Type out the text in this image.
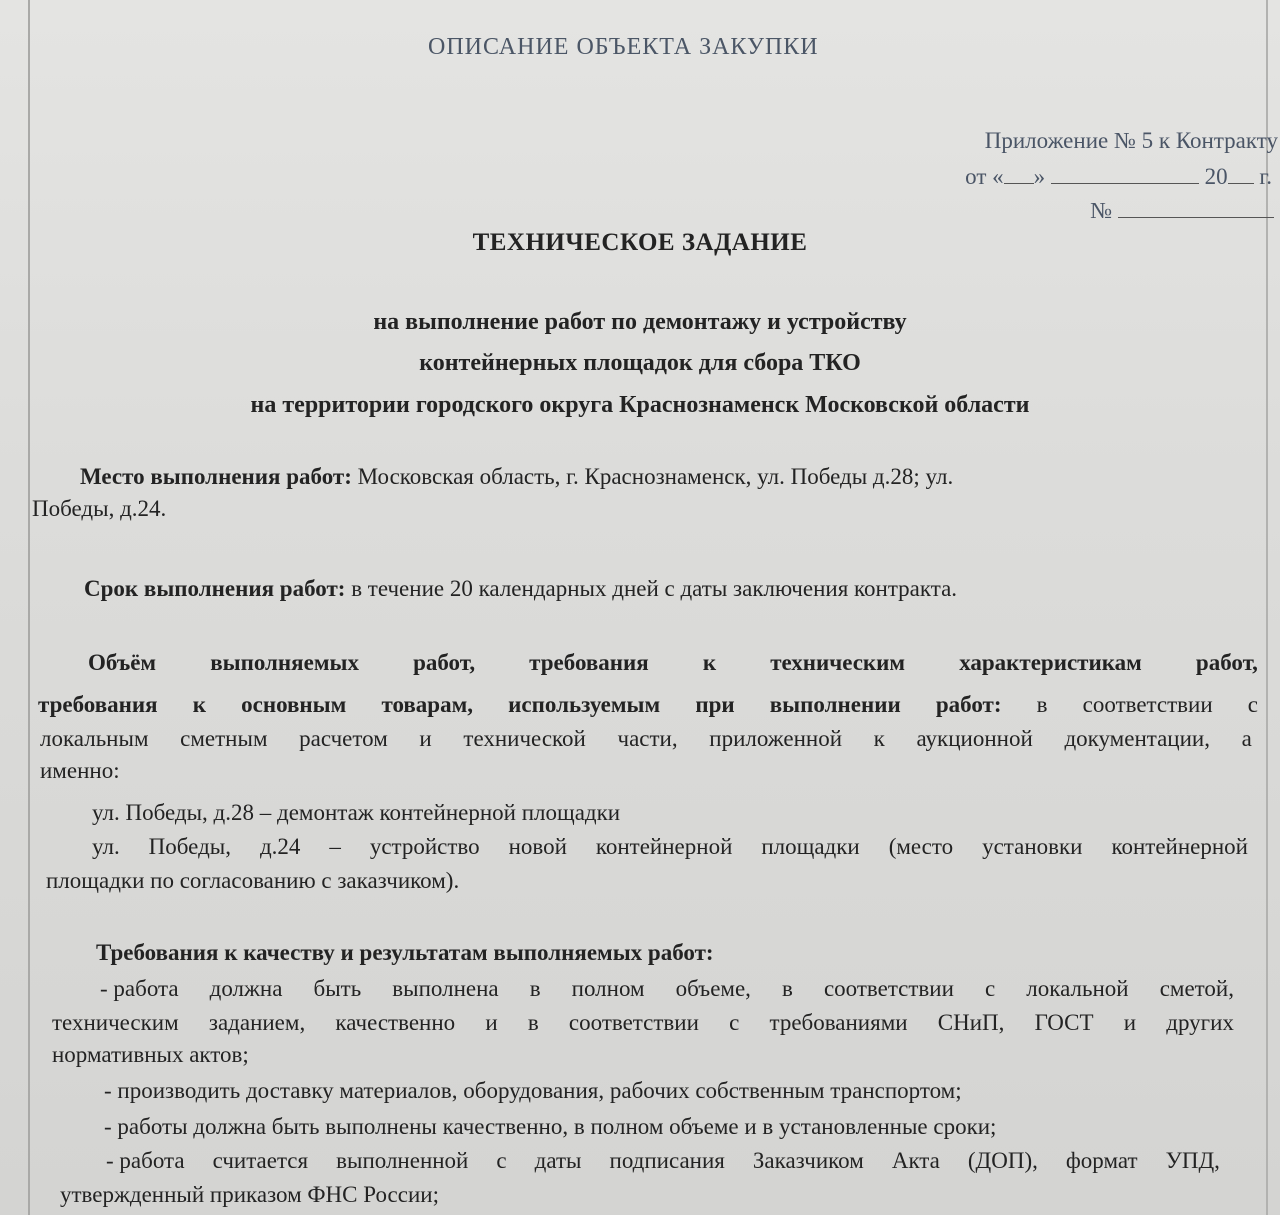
ОПИСАНИЕ ОБЪЕКТА ЗАКУПКИ
Приложение № 5 к Контракту
от « »	20 г.
№
ТЕХНИЧЕСКОЕ ЗАДАНИЕ
на выполнение работ по демонтажу и устройству
контейнерных площадок для сбора ТКО
на территории городского округа Краснознаменск Московской области
Место выполнения работ: Московская область, г. Краснознаменск, ул. Победы д.28; ул.
Победы, д.24.
Срок выполнения работ: в течение 20 календарных дней с даты заключения контракта.
Объём выполняемых работ, требования к техническим характеристикам работ,
требования к основным товарам, используемым при выполнении работ: в соответствии с
локальным сметным расчетом и технической части, приложенной к аукционной документации, а
именно:
ул. Победы, д.28 – демонтаж контейнерной площадки
ул. Победы, д.24 – устройство новой контейнерной площадки (место установки контейнерной
площадки по согласованию с заказчиком).
Требования к качеству и результатам выполняемых работ:
- работа должна быть выполнена в полном объеме, в соответствии с локальной сметой,
техническим заданием, качественно и в соответствии с требованиями СНиП, ГОСТ и других
нормативных актов;
- производить доставку материалов, оборудования, рабочих собственным транспортом;
- работы должна быть выполнены качественно, в полном объеме и в установленные сроки;
- работа считается выполненной с даты подписания Заказчиком Акта (ДОП), формат УПД,
утвержденный приказом ФНС России;
